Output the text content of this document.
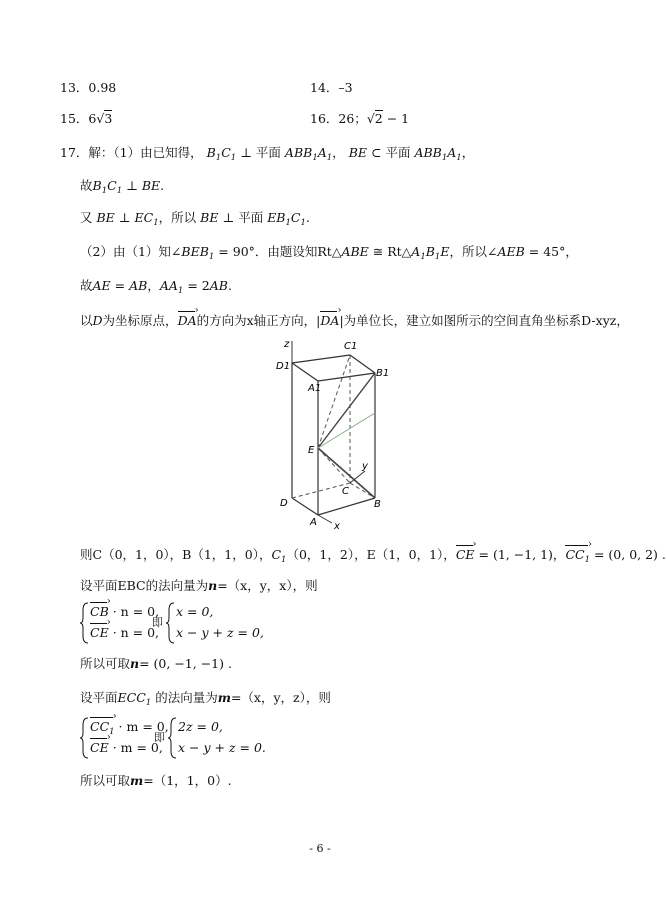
13．0.98	14．–3
15．6√3	16．26；√2 − 1
17．解：（1）由已知得， $B_1C_1$ ⊥ 平面 $ABB_1A_1$， BE ⊂ 平面 $ABB_1A_1$，
故$B_1C_1$ ⊥ BE.
又 BE ⊥ $EC_1$，所以 BE ⊥ 平面 $EB_1C_1$.
（2）由（1）知$\angle BEB_1 = 90^\circ$．由题设知Rt△ABE ≅ $Rt\triangle A_1B_1E$，所以∠AEB = 45°，
故AE = AB，$AA_1 = 2AB$.
以D为坐标原点，DA ›的方向为x轴正方向，|DA ›|为单位长，建立如图所示的空间直角坐标系D-xyz，
z	C1
D1
B1
A1
E
y
C
D	B
A x
则C（0，1，0），B（1，1，0），$C_1(0$，1，2），E（1，0，1），CE › = (1, −1, 1)，$CC_1$ › = (0, 0, 2) .
设平面EBC的法向量为n=（x，y，x），则
CB › · n = 0,
CE › · n = 0,
即
x = 0,
x − y + z = 0,
所以可取n= (0, −1, −1) .
设平面$ECC_1$ 的法向量为m=（x，y，z），则
$CC_1$ › · m = 0,
CE › · m = 0,
即
2z = 0,
x − y + z = 0.
所以可取m=（1，1，0）.
- 6 -
